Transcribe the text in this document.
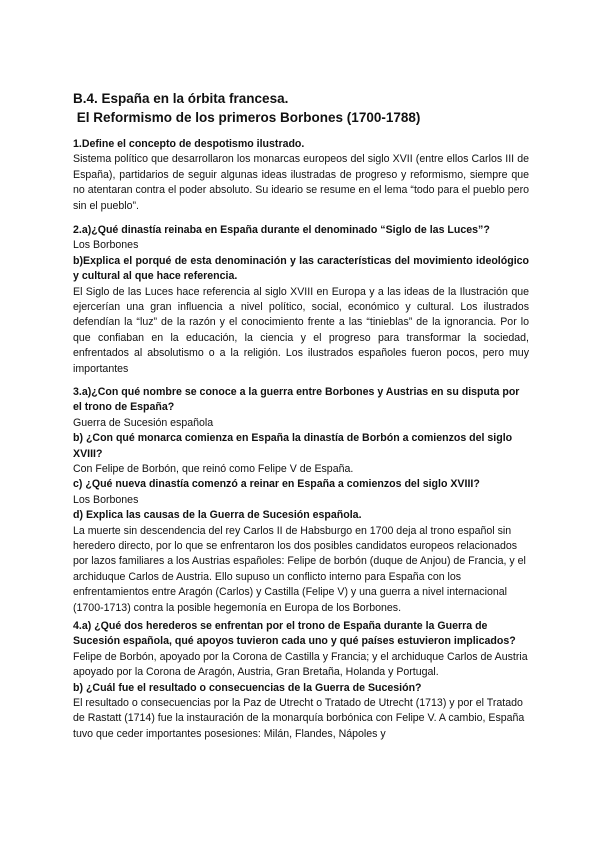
B.4. España en la órbita francesa.
El Reformismo de los primeros Borbones (1700-1788)

1.Define el concepto de despotismo ilustrado.

Sistema político que desarrollaron los monarcas europeos del siglo XVII (entre ellos Carlos III de España), partidarios de seguir algunas ideas ilustradas de progreso y reformismo, siempre que no atentaran contra el poder absoluto. Su ideario se resume en el lema “todo para el pueblo pero sin el pueblo”.

2.a)¿Qué dinastía reinaba en España durante el denominado “Siglo de las Luces”?

Los Borbones

b)Explica el porqué de esta denominación y las características del movimiento ideológico y cultural al que hace referencia.

El Siglo de las Luces hace referencia al siglo XVIII en Europa y a las ideas de la Ilustración que ejercerían una gran influencia a nivel político, social, económico y cultural. Los ilustrados defendían la “luz” de la razón y el conocimiento frente a las “tinieblas” de la ignorancia. Por lo que confiaban en la educación, la ciencia y el progreso para transformar la sociedad, enfrentados al absolutismo o a la religión. Los ilustrados españoles fueron pocos, pero muy importantes

3.a)¿Con qué nombre se conoce a la guerra entre Borbones y Austrias en su disputa por el trono de España?

Guerra de Sucesión española

b) ¿Con qué monarca comienza en España la dinastía de Borbón a comienzos del siglo XVIII?

Con Felipe de Borbón, que reinó como Felipe V de España.

c) ¿Qué nueva dinastía comenzó a reinar en España a comienzos del siglo XVIII?

Los Borbones

d) Explica las causas de la Guerra de Sucesión española.

La muerte sin descendencia del rey Carlos II de Habsburgo en 1700 deja al trono español sin heredero directo, por lo que se enfrentaron los dos posibles candidatos europeos relacionados por lazos familiares a los Austrias españoles: Felipe de borbón (duque de Anjou) de Francia, y el archiduque Carlos de Austria. Ello supuso un conflicto interno para España con los enfrentamientos entre Aragón (Carlos) y Castilla (Felipe V) y una guerra a nivel internacional (1700-1713) contra la posible hegemonía en Europa de los Borbones.

4.a) ¿Qué dos herederos se enfrentan por el trono de España durante la Guerra de Sucesión española, qué apoyos tuvieron cada uno y qué países estuvieron implicados?

Felipe de Borbón, apoyado por la Corona de Castilla y Francia; y el archiduque Carlos de Austria apoyado por la Corona de Aragón, Austria, Gran Bretaña, Holanda y Portugal.

b) ¿Cuál fue el resultado o consecuencias de la Guerra de Sucesión?

El resultado o consecuencias por la Paz de Utrecht o Tratado de Utrecht (1713) y por el Tratado de Rastatt (1714) fue la instauración de la monarquía borbónica con Felipe V. A cambio, España tuvo que ceder importantes posesiones: Milán, Flandes, Nápoles y
